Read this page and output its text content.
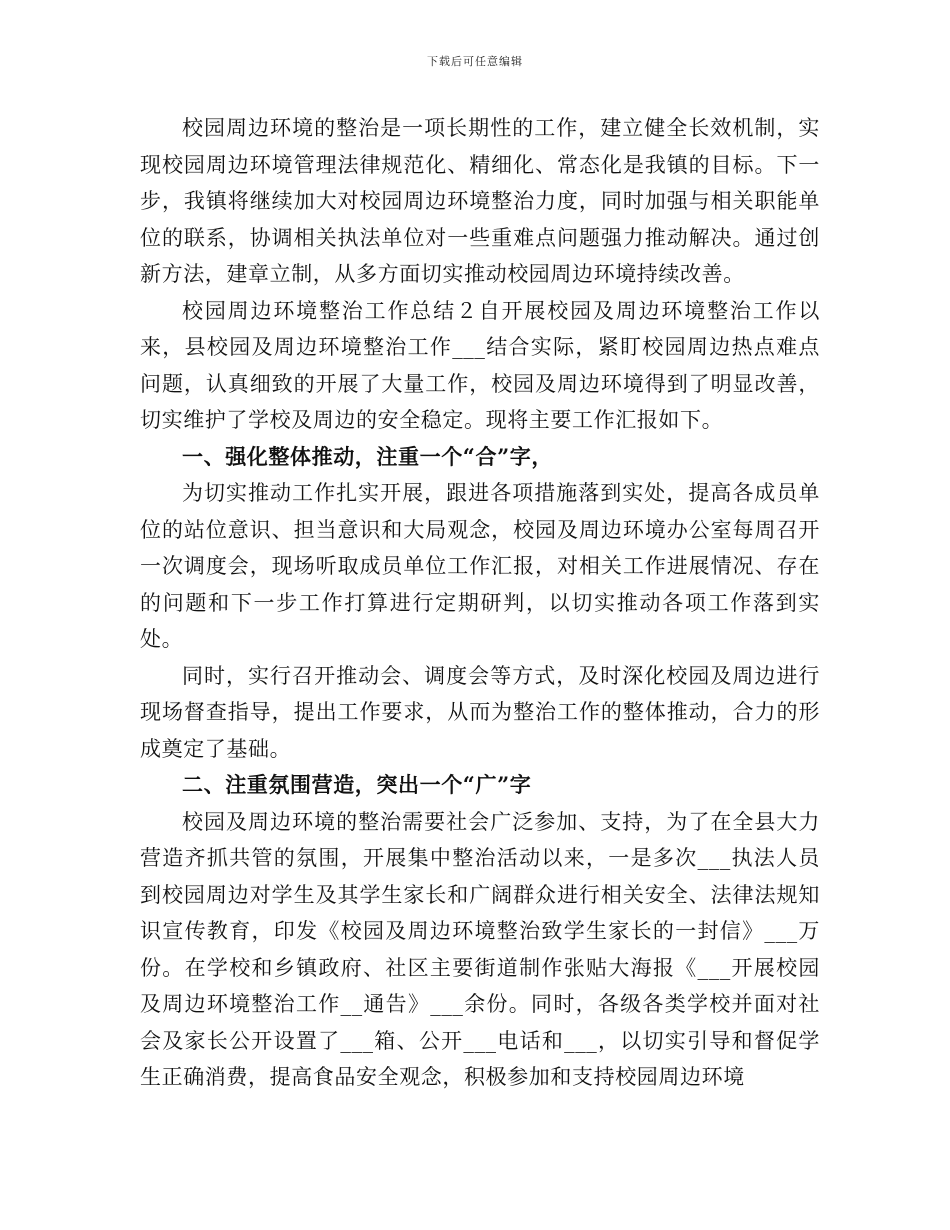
下载后可任意编辑

校园周边环境的整治是一项长期性的工作，建立健全长效机制，实现校园周边环境管理法律规范化、精细化、常态化是我镇的目标。下一步，我镇将继续加大对校园周边环境整治力度，同时加强与相关职能单位的联系，协调相关执法单位对一些重难点问题强力推动解决。通过创新方法，建章立制，从多方面切实推动校园周边环境持续改善。

校园周边环境整治工作总结２自开展校园及周边环境整治工作以来，县校园及周边环境整治工作___结合实际，紧盯校园周边热点难点问题，认真细致的开展了大量工作，校园及周边环境得到了明显改善，切实维护了学校及周边的安全稳定。现将主要工作汇报如下。

一、强化整体推动，注重一个“合”字，

为切实推动工作扎实开展，跟进各项措施落到实处，提高各成员单位的站位意识、担当意识和大局观念，校园及周边环境办公室每周召开一次调度会，现场听取成员单位工作汇报，对相关工作进展情况、存在的问题和下一步工作打算进行定期研判，以切实推动各项工作落到实处。

同时，实行召开推动会、调度会等方式，及时深化校园及周边进行现场督查指导，提出工作要求，从而为整治工作的整体推动，合力的形成奠定了基础。

二、注重氛围营造，突出一个“广”字

校园及周边环境的整治需要社会广泛参加、支持，为了在全县大力营造齐抓共管的氛围，开展集中整治活动以来，一是多次___执法人员到校园周边对学生及其学生家长和广阔群众进行相关安全、法律法规知识宣传教育，印发《校园及周边环境整治致学生家长的一封信》___万份。在学校和乡镇政府、社区主要街道制作张贴大海报《___开展校园及周边环境整治工作__通告》___余份。同时，各级各类学校并面对社会及家长公开设置了___箱、公开___电话和___，以切实引导和督促学生正确消费，提高食品安全观念，积极参加和支持校园周边环境
